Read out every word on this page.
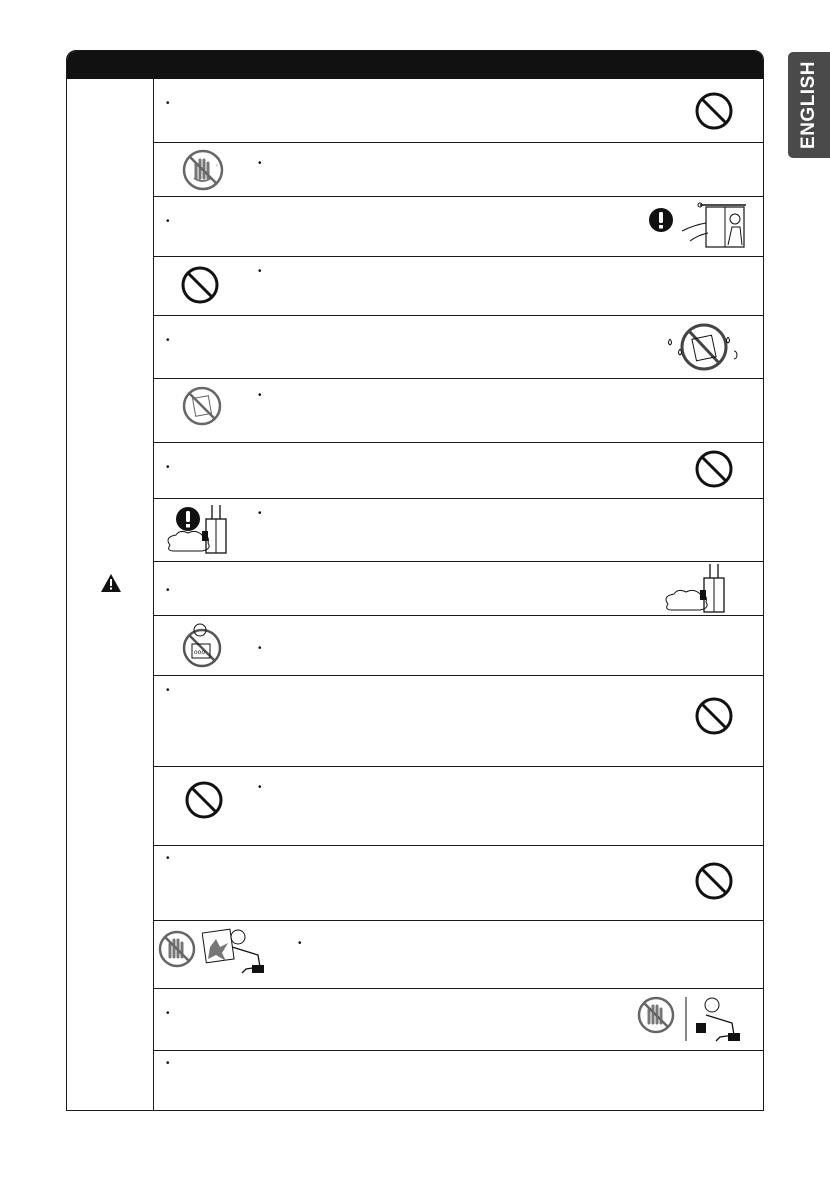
ENGLISH
•
◦	•
•
•
•
•
•
•
•
ooo	•
•
•
•
•
•
•
